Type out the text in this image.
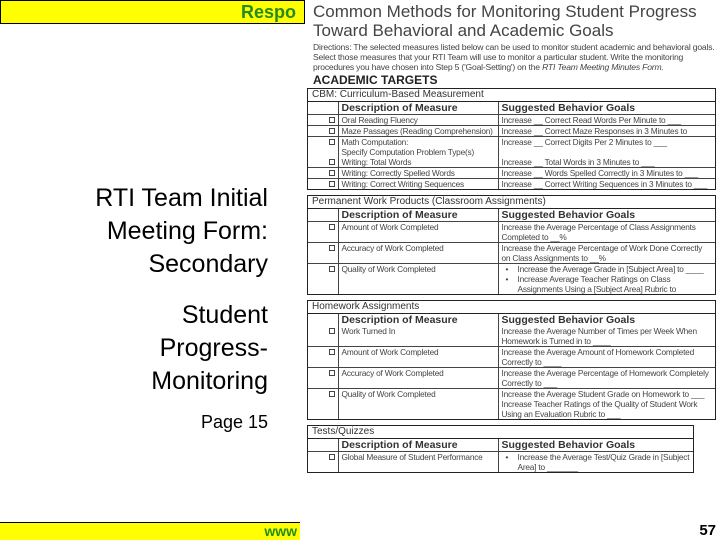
Respo
RTI Team Initial
Meeting Form:
Secondary
Student
Progress-
Monitoring
Page 15
www
Common Methods for Monitoring Student Progress Toward Behavioral and Academic Goals
Directions: The selected measures listed below can be used to monitor student academic and behavioral goals. Select those measures that your RTI Team will use to monitor a particular student. Write the monitoring procedures you have chosen into Step 5 ('Goal-Setting') on the RTI Team Meeting Minutes Form.
ACADEMIC TARGETS
CBM: Curriculum-Based Measurement
	Description of Measure	Suggested Behavior Goals

	Oral Reading Fluency	Increase __ Correct Read Words Per Minute to ___

	Maze Passages (Reading Comprehension)	Increase __ Correct Maze Responses in 3 Minutes to

	Math Computation:
Specify Computation Problem Type(s)	Increase __ Correct Digits Per 2 Minutes to ___

	Writing: Total Words	Increase __ Total Words in 3 Minutes to ___

	Writing: Correctly Spelled Words	Increase __ Words Spelled Correctly in 3 Minutes to ___

	Writing: Correct Writing Sequences	Increase __ Correct Writing Sequences in 3 Minutes to ___
Permanent Work Products (Classroom Assignments)
	Description of Measure	Suggested Behavior Goals

	Amount of Work Completed	Increase the Average Percentage of Class Assignments Completed to __%

	Accuracy of Work Completed	Increase the Average Percentage of Work Done Correctly on Class Assignments to __%

	Quality of Work Completed	• Increase the Average Grade in [Subject Area] to ____
• Increase Average Teacher Ratings on Class Assignments Using a [Subject Area] Rubric to
Homework Assignments
	Description of Measure	Suggested Behavior Goals

	Work Turned In	Increase the Average Number of Times per Week When Homework is Turned in to ____

	Amount of Work Completed	Increase the Average Amount of Homework Completed Correctly to ____

	Accuracy of Work Completed	Increase the Average Percentage of Homework Completely Correctly to ___

	Quality of Work Completed	Increase the Average Student Grade on Homework to ___
Increase Teacher Ratings of the Quality of Student Work Using an Evaluation Rubric to ___
Tests/Quizzes
	Description of Measure	Suggested Behavior Goals

	Global Measure of Student Performance	• Increase the Average Test/Quiz Grade in [Subject Area] to _______
57
